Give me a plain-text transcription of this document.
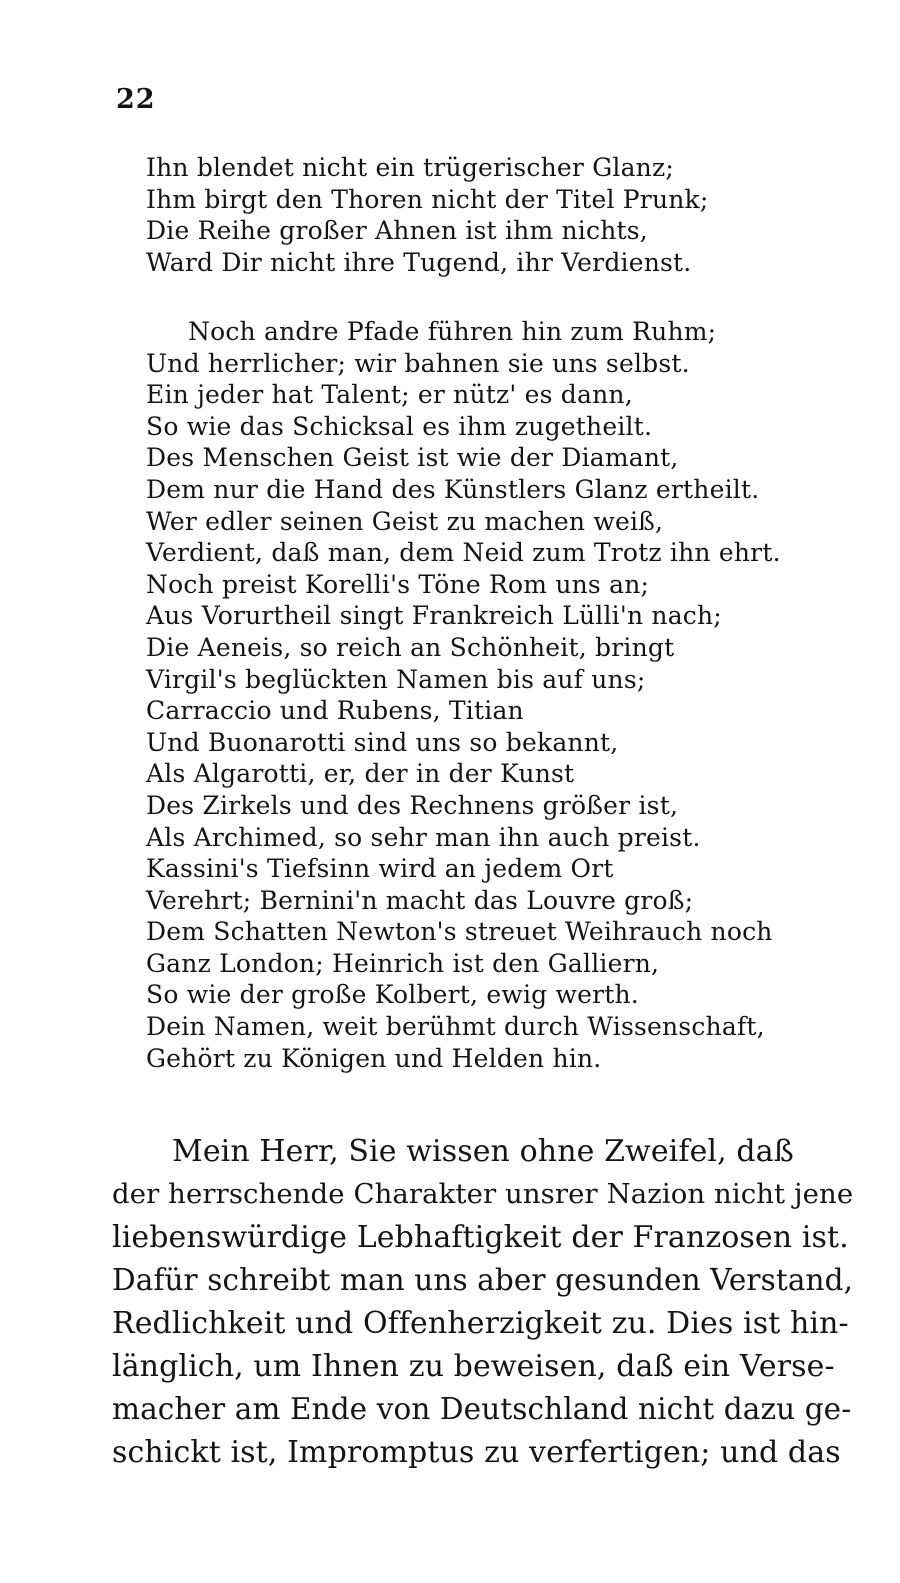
22
Ihn blendet nicht ein trügerischer Glanz;
Ihm birgt den Thoren nicht der Titel Prunk;
Die Reihe großer Ahnen ist ihm nichts,
Ward Dir nicht ihre Tugend, ihr Verdienst.
Noch andre Pfade führen hin zum Ruhm;
Und herrlicher; wir bahnen sie uns selbst.
Ein jeder hat Talent; er nütz' es dann,
So wie das Schicksal es ihm zugetheilt.
Des Menschen Geist ist wie der Diamant,
Dem nur die Hand des Künstlers Glanz ertheilt.
Wer edler seinen Geist zu machen weiß,
Verdient, daß man, dem Neid zum Trotz ihn ehrt.
Noch preist Korelli's Töne Rom uns an;
Aus Vorurtheil singt Frankreich Lülli'n nach;
Die Aeneis, so reich an Schönheit, bringt
Virgil's beglückten Namen bis auf uns;
Carraccio und Rubens, Titian
Und Buonarotti sind uns so bekannt,
Als Algarotti, er, der in der Kunst
Des Zirkels und des Rechnens größer ist,
Als Archimed, so sehr man ihn auch preist.
Kassini's Tiefsinn wird an jedem Ort
Verehrt; Bernini'n macht das Louvre groß;
Dem Schatten Newton's streuet Weihrauch noch
Ganz London; Heinrich ist den Galliern,
So wie der große Kolbert, ewig werth.
Dein Namen, weit berühmt durch Wissenschaft,
Gehört zu Königen und Helden hin.
Mein Herr, Sie wissen ohne Zweifel, daß
der herrschende Charakter unsrer Nazion nicht jene
liebenswürdige Lebhaftigkeit der Franzosen ist.
Dafür schreibt man uns aber gesunden Verstand,
Redlichkeit und Offenherzigkeit zu. Dies ist hin-
länglich, um Ihnen zu beweisen, daß ein Verse-
macher am Ende von Deutschland nicht dazu ge-
schickt ist, Impromptus zu verfertigen; und das
